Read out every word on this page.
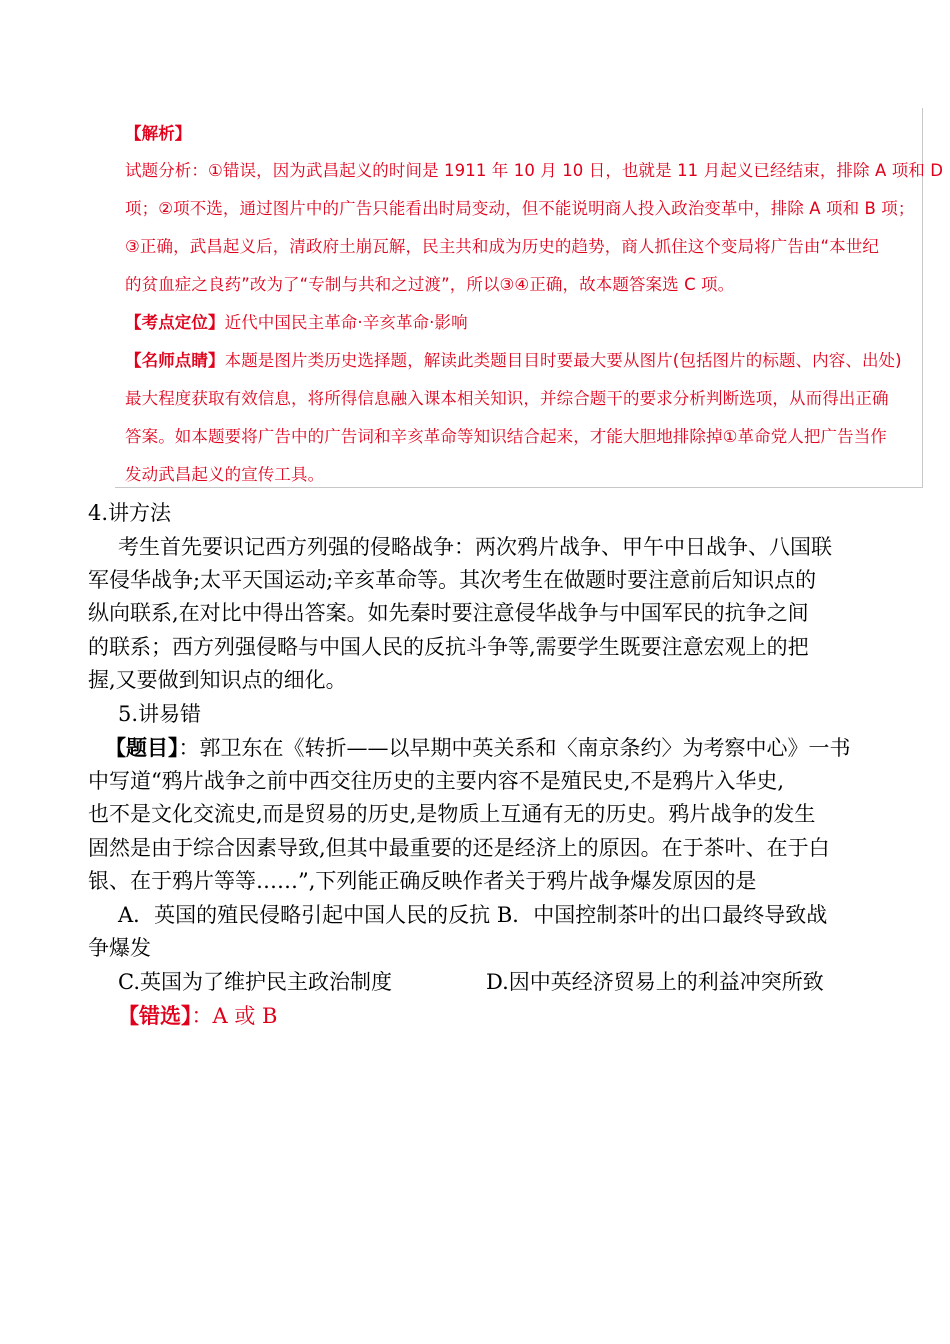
【解析】
试题分析：①错误，因为武昌起义的时间是 1911 年 10 月 10 日，也就是 11 月起义已经结束，排除 A 项和 D
项；②项不选，通过图片中的广告只能看出时局变动，但不能说明商人投入政治变革中，排除 A 项和 B 项；
③正确，武昌起义后，清政府土崩瓦解，民主共和成为历史的趋势，商人抓住这个变局将广告由“本世纪
的贫血症之良药”改为了“专制与共和之过渡”，所以③④正确，故本题答案选 C 项。
【考点定位】近代中国民主革命·辛亥革命·影响
【名师点睛】本题是图片类历史选择题，解读此类题目目时要最大要从图片(包括图片的标题、内容、出处)
最大程度获取有效信息，将所得信息融入课本相关知识，并综合题干的要求分析判断选项，从而得出正确
答案。如本题要将广告中的广告词和辛亥革命等知识结合起来，才能大胆地排除掉①革命党人把广告当作
发动武昌起义的宣传工具。
4.讲方法
考生首先要识记西方列强的侵略战争：两次鸦片战争、甲午中日战争、八国联
军侵华战争;太平天国运动;辛亥革命等。其次考生在做题时要注意前后知识点的
纵向联系,在对比中得出答案。如先秦时要注意侵华战争与中国军民的抗争之间
的联系；西方列强侵略与中国人民的反抗斗争等,需要学生既要注意宏观上的把
握,又要做到知识点的细化。
5.讲易错
【题目】：郭卫东在《转折——以早期中英关系和〈南京条约〉为考察中心》一书
中写道“鸦片战争之前中西交往历史的主要内容不是殖民史,不是鸦片入华史,
也不是文化交流史,而是贸易的历史,是物质上互通有无的历史。鸦片战争的发生
固然是由于综合因素导致,但其中最重要的还是经济上的原因。在于茶叶、在于白
银、在于鸦片等等……”,下列能正确反映作者关于鸦片战争爆发原因的是
A．英国的殖民侵略引起中国人民的反抗 B．中国控制茶叶的出口最终导致战
争爆发
C.英国为了维护民主政治制度	D.因中英经济贸易上的利益冲突所致
【错选】：A 或 B
